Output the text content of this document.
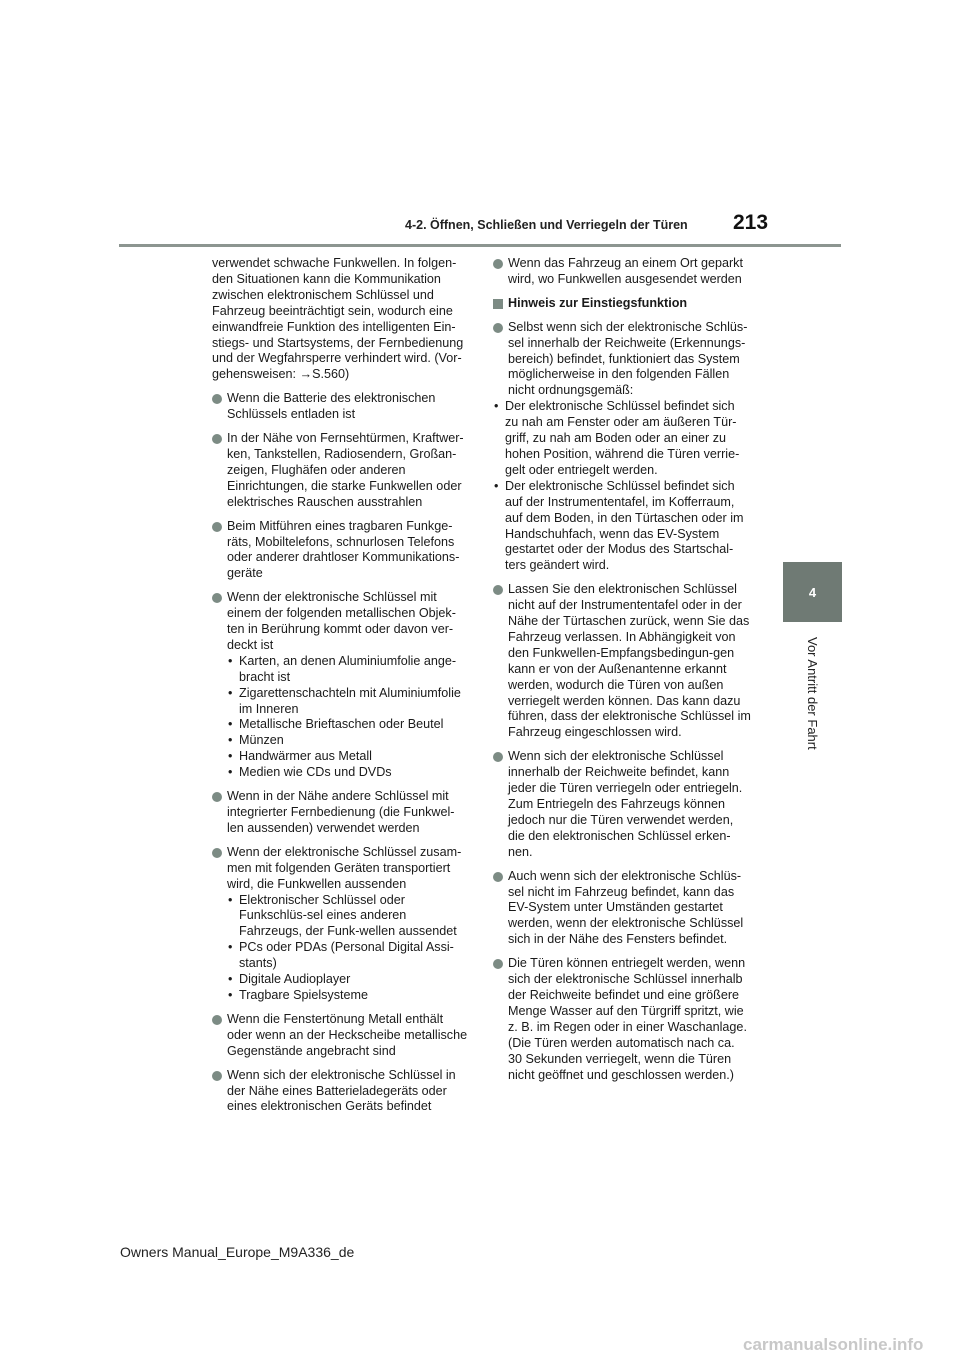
4-2. Öffnen, Schließen und Verriegeln der Türen 213
4
Vor Antritt der Fahrt

verwendet schwache Funkwellen. In folgen-den Situationen kann die Kommunikation zwischen elektronischem Schlüssel und Fahrzeug beeinträchtigt sein, wodurch eine einwandfreie Funktion des intelligenten Ein-stiegs- und Startsystems, der Fernbedienung und der Wegfahrsperre verhindert wird. (Vor-gehensweisen: →S.560)

Wenn die Batterie des elektronischen Schlüssels entladen ist
In der Nähe von Fernsehtürmen, Kraftwer-ken, Tankstellen, Radiosendern, Großan-zeigen, Flughäfen oder anderen Einrichtungen, die starke Funkwellen oder elektrisches Rauschen ausstrahlen
Beim Mitführen eines tragbaren Funkge-räts, Mobiltelefons, schnurlosen Telefons oder anderer drahtloser Kommunikations-geräte
Wenn der elektronische Schlüssel mit einem der folgenden metallischen Objek-ten in Berührung kommt oder davon ver-deckt ist
• Karten, an denen Aluminiumfolie ange-bracht ist
• Zigarettenschachteln mit Aluminiumfolie im Inneren
• Metallische Brieftaschen oder Beutel
• Münzen
• Handwärmer aus Metall
• Medien wie CDs und DVDs
Wenn in der Nähe andere Schlüssel mit integrierter Fernbedienung (die Funkwel-len aussenden) verwendet werden
Wenn der elektronische Schlüssel zusam-men mit folgenden Geräten transportiert wird, die Funkwellen aussenden
• Elektronischer Schlüssel oder Funkschlüs-sel eines anderen Fahrzeugs, der Funk-wellen aussendet
• PCs oder PDAs (Personal Digital Assi-stants)
• Digitale Audioplayer
• Tragbare Spielsysteme
Wenn die Fenstertönung Metall enthält oder wenn an der Heckscheibe metallische Gegenstände angebracht sind
Wenn sich der elektronische Schlüssel in der Nähe eines Batterieladegeräts oder eines elektronischen Geräts befindet
Wenn das Fahrzeug an einem Ort geparkt wird, wo Funkwellen ausgesendet werden
Hinweis zur Einstiegsfunktion
Selbst wenn sich der elektronische Schlüs-sel innerhalb der Reichweite (Erkennungs-bereich) befindet, funktioniert das System möglicherweise in den folgenden Fällen nicht ordnungsgemäß:
• Der elektronische Schlüssel befindet sich zu nah am Fenster oder am äußeren Tür-griff, zu nah am Boden oder an einer zu hohen Position, während die Türen verrie-gelt oder entriegelt werden.
• Der elektronische Schlüssel befindet sich auf der Instrumententafel, im Kofferraum, auf dem Boden, in den Türtaschen oder im Handschuhfach, wenn das EV-System gestartet oder der Modus des Startschal-ters geändert wird.
Lassen Sie den elektronischen Schlüssel nicht auf der Instrumententafel oder in der Nähe der Türtaschen zurück, wenn Sie das Fahrzeug verlassen. In Abhängigkeit von den Funkwellen-Empfangsbedingun-gen kann er von der Außenantenne erkannt werden, wodurch die Türen von außen verriegelt werden können. Das kann dazu führen, dass der elektronische Schlüssel im Fahrzeug eingeschlossen wird.
Wenn sich der elektronische Schlüssel innerhalb der Reichweite befindet, kann jeder die Türen verriegeln oder entriegeln. Zum Entriegeln des Fahrzeugs können jedoch nur die Türen verwendet werden, die den elektronischen Schlüssel erken-nen.
Auch wenn sich der elektronische Schlüs-sel nicht im Fahrzeug befindet, kann das EV-System unter Umständen gestartet werden, wenn der elektronische Schlüssel sich in der Nähe des Fensters befindet.
Die Türen können entriegelt werden, wenn sich der elektronische Schlüssel innerhalb der Reichweite befindet und eine größere Menge Wasser auf den Türgriff spritzt, wie z. B. im Regen oder in einer Waschanlage. (Die Türen werden automatisch nach ca. 30 Sekunden verriegelt, wenn die Türen nicht geöffnet und geschlossen werden.)
Owners Manual_Europe_M9A336_de
carmanualsonline.info
